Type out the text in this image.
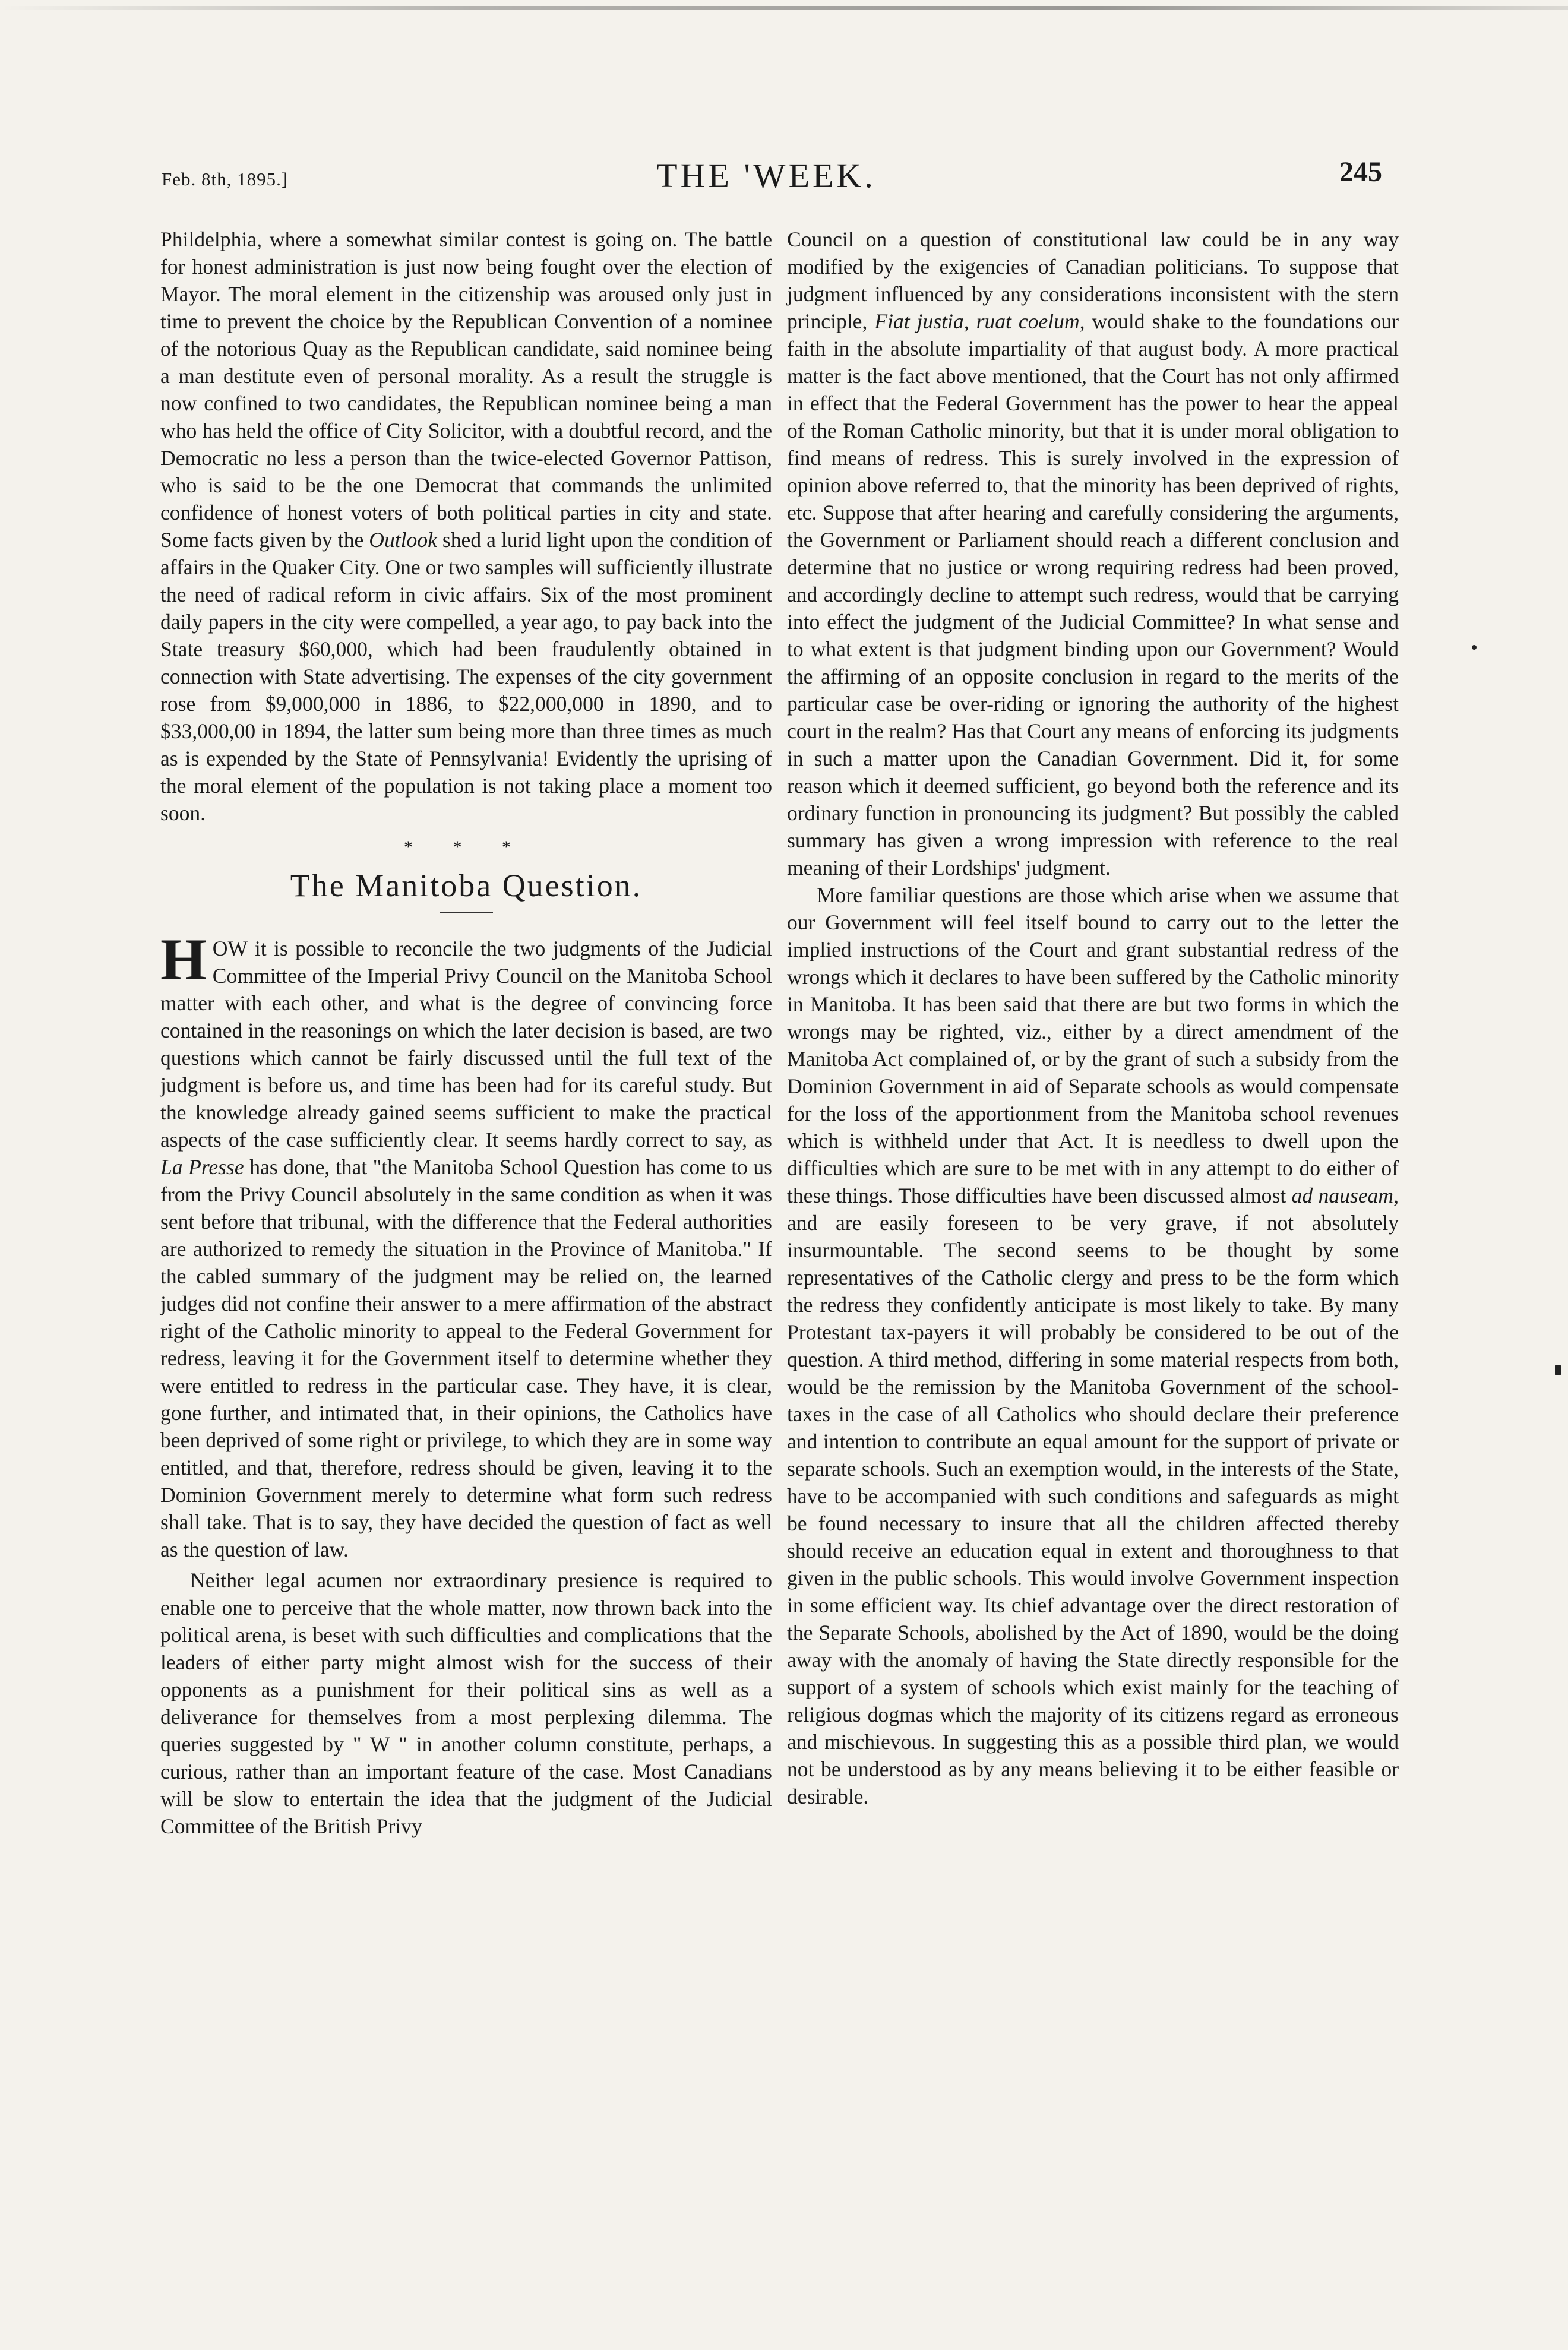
Feb. 8th, 1895.]	THE 'WEEK.	245

Phildelphia, where a somewhat similar contest is going on. The battle for honest administration is just now being fought over the election of Mayor. The moral element in the citizenship was aroused only just in time to prevent the choice by the Republican Convention of a nominee of the notorious Quay as the Republican candidate, said nominee being a man destitute even of personal morality. As a result the struggle is now confined to two candidates, the Republican nominee being a man who has held the office of City Solicitor, with a doubtful record, and the Democratic no less a person than the twice-elected Governor Pattison, who is said to be the one Democrat that commands the unlimited confidence of honest voters of both political parties in city and state. Some facts given by the Outlook shed a lurid light upon the condition of affairs in the Quaker City. One or two samples will sufficiently illustrate the need of radical reform in civic affairs. Six of the most prominent daily papers in the city were compelled, a year ago, to pay back into the State treasury $60,000, which had been fraudulently obtained in connection with State advertising. The expenses of the city government rose from $9,000,000 in 1886, to $22,000,000 in 1890, and to $33,000,00 in 1894, the latter sum being more than three times as much as is expended by the State of Pennsylvania! Evidently the uprising of the moral element of the population is not taking place a moment too soon.

* * *
The Manitoba Question.

HOW it is possible to reconcile the two judgments of the Judicial Committee of the Imperial Privy Council on the Manitoba School matter with each other, and what is the degree of convincing force contained in the reasonings on which the later decision is based, are two questions which cannot be fairly discussed until the full text of the judgment is before us, and time has been had for its careful study. But the knowledge already gained seems sufficient to make the practical aspects of the case sufficiently clear. It seems hardly correct to say, as La Presse has done, that "the Manitoba School Question has come to us from the Privy Council absolutely in the same condition as when it was sent before that tribunal, with the difference that the Federal authorities are authorized to remedy the situation in the Province of Manitoba." If the cabled summary of the judgment may be relied on, the learned judges did not confine their answer to a mere affirmation of the abstract right of the Catholic minority to appeal to the Federal Government for redress, leaving it for the Government itself to determine whether they were entitled to redress in the particular case. They have, it is clear, gone further, and intimated that, in their opinions, the Catholics have been deprived of some right or privilege, to which they are in some way entitled, and that, therefore, redress should be given, leaving it to the Dominion Government merely to determine what form such redress shall take. That is to say, they have decided the question of fact as well as the question of law.

Neither legal acumen nor extraordinary presience is required to enable one to perceive that the whole matter, now thrown back into the political arena, is beset with such difficulties and complications that the leaders of either party might almost wish for the success of their opponents as a punishment for their political sins as well as a deliverance for themselves from a most perplexing dilemma. The queries suggested by " W " in another column constitute, perhaps, a curious, rather than an important feature of the case. Most Canadians will be slow to entertain the idea that the judgment of the Judicial Committee of the British Privy

Council on a question of constitutional law could be in any way modified by the exigencies of Canadian politicians. To suppose that judgment influenced by any considerations inconsistent with the stern principle, Fiat justia, ruat coelum, would shake to the foundations our faith in the absolute impartiality of that august body. A more practical matter is the fact above mentioned, that the Court has not only affirmed in effect that the Federal Government has the power to hear the appeal of the Roman Catholic minority, but that it is under moral obligation to find means of redress. This is surely involved in the expression of opinion above referred to, that the minority has been deprived of rights, etc. Suppose that after hearing and carefully considering the arguments, the Government or Parliament should reach a different conclusion and determine that no justice or wrong requiring redress had been proved, and accordingly decline to attempt such redress, would that be carrying into effect the judgment of the Judicial Committee? In what sense and to what extent is that judgment binding upon our Government? Would the affirming of an opposite conclusion in regard to the merits of the particular case be over-riding or ignoring the authority of the highest court in the realm? Has that Court any means of enforcing its judgments in such a matter upon the Canadian Government. Did it, for some reason which it deemed sufficient, go beyond both the reference and its ordinary function in pronouncing its judgment? But possibly the cabled summary has given a wrong impression with reference to the real meaning of their Lordships' judgment.

More familiar questions are those which arise when we assume that our Government will feel itself bound to carry out to the letter the implied instructions of the Court and grant substantial redress of the wrongs which it declares to have been suffered by the Catholic minority in Manitoba. It has been said that there are but two forms in which the wrongs may be righted, viz., either by a direct amendment of the Manitoba Act complained of, or by the grant of such a subsidy from the Dominion Government in aid of Separate schools as would compensate for the loss of the apportionment from the Manitoba school revenues which is withheld under that Act. It is needless to dwell upon the difficulties which are sure to be met with in any attempt to do either of these things. Those difficulties have been discussed almost ad nauseam, and are easily foreseen to be very grave, if not absolutely insurmountable. The second seems to be thought by some representatives of the Catholic clergy and press to be the form which the redress they confidently anticipate is most likely to take. By many Protestant tax-payers it will probably be considered to be out of the question. A third method, differing in some material respects from both, would be the remission by the Manitoba Government of the school-taxes in the case of all Catholics who should declare their preference and intention to contribute an equal amount for the support of private or separate schools. Such an exemption would, in the interests of the State, have to be accompanied with such conditions and safeguards as might be found necessary to insure that all the children affected thereby should receive an education equal in extent and thoroughness to that given in the public schools. This would involve Government inspection in some efficient way. Its chief advantage over the direct restoration of the Separate Schools, abolished by the Act of 1890, would be the doing away with the anomaly of having the State directly responsible for the support of a system of schools which exist mainly for the teaching of religious dogmas which the majority of its citizens regard as erroneous and mischievous. In suggesting this as a possible third plan, we would not be understood as by any means believing it to be either feasible or desirable.
